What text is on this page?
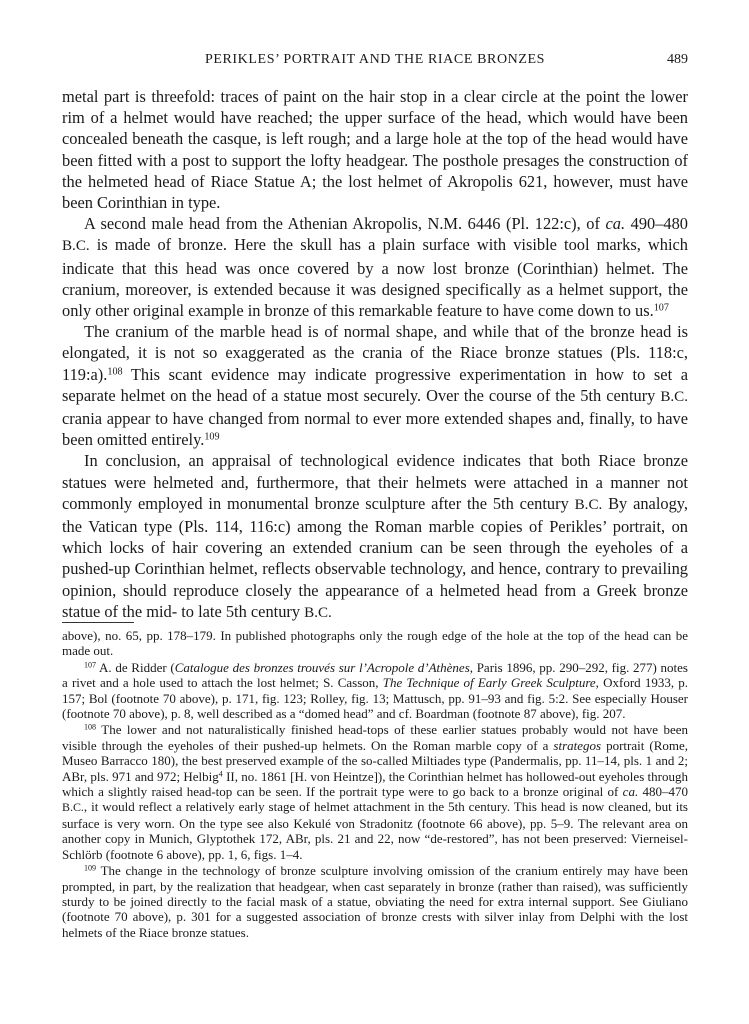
PERIKLES’ PORTRAIT AND THE RIACE BRONZES	489

metal part is threefold: traces of paint on the hair stop in a clear circle at the point the lower rim of a helmet would have reached; the upper surface of the head, which would have been concealed beneath the casque, is left rough; and a large hole at the top of the head would have been fitted with a post to support the lofty headgear. The posthole presages the construction of the helmeted head of Riace Statue A; the lost helmet of Akropolis 621, however, must have been Corinthian in type.

A second male head from the Athenian Akropolis, N.M. 6446 (Pl. 122:c), of ca. 490–480 B.C. is made of bronze. Here the skull has a plain surface with visible tool marks, which indicate that this head was once covered by a now lost bronze (Corinthian) helmet. The cranium, moreover, is extended because it was designed specifically as a helmet support, the only other original example in bronze of this remarkable feature to have come down to us.$^{107}$

The cranium of the marble head is of normal shape, and while that of the bronze head is elongated, it is not so exaggerated as the crania of the Riace bronze statues (Pls. 118:c, 119:a).$^{108}$ This scant evidence may indicate progressive experimentation in how to set a separate helmet on the head of a statue most securely. Over the course of the 5th century B.C. crania appear to have changed from normal to ever more extended shapes and, finally, to have been omitted entirely.$^{109}$

In conclusion, an appraisal of technological evidence indicates that both Riace bronze statues were helmeted and, furthermore, that their helmets were attached in a manner not commonly employed in monumental bronze sculpture after the 5th century B.C. By analogy, the Vatican type (Pls. 114, 116:c) among the Roman marble copies of Perikles’ portrait, on which locks of hair covering an extended cranium can be seen through the eyeholes of a pushed-up Corinthian helmet, reflects observable technology, and hence, contrary to prevailing opinion, should reproduce closely the appearance of a helmeted head from a Greek bronze statue of the mid- to late 5th century B.C.

above), no. 65, pp. 178–179. In published photographs only the rough edge of the hole at the top of the head can be made out.

$^{107}$ A. de Ridder (Catalogue des bronzes trouvés sur l’Acropole d’Athènes, Paris 1896, pp. 290–292, fig. 277) notes a rivet and a hole used to attach the lost helmet; S. Casson, The Technique of Early Greek Sculpture, Oxford 1933, p. 157; Bol (footnote 70 above), p. 171, fig. 123; Rolley, fig. 13; Mattusch, pp. 91–93 and fig. 5:2. See especially Houser (footnote 70 above), p. 8, well described as a “domed head” and cf. Boardman (footnote 87 above), fig. 207.

$^{108}$ The lower and not naturalistically finished head-tops of these earlier statues probably would not have been visible through the eyeholes of their pushed-up helmets. On the Roman marble copy of a strategos portrait (Rome, Museo Barracco 180), the best preserved example of the so-called Miltiades type (Pandermalis, pp. 11–14, pls. 1 and 2; ABr, pls. 971 and 972; Helbig$^4$ II, no. 1861 [H. von Heintze]), the Corinthian helmet has hollowed-out eyeholes through which a slightly raised head-top can be seen. If the portrait type were to go back to a bronze original of ca. 480–470 B.C., it would reflect a relatively early stage of helmet attachment in the 5th century. This head is now cleaned, but its surface is very worn. On the type see also Kekulé von Stradonitz (footnote 66 above), pp. 5–9. The relevant area on another copy in Munich, Glyptothek 172, ABr, pls. 21 and 22, now “de-restored”, has not been preserved: Vierneisel-Schlörb (footnote 6 above), pp. 1, 6, figs. 1–4.

$^{109}$ The change in the technology of bronze sculpture involving omission of the cranium entirely may have been prompted, in part, by the realization that headgear, when cast separately in bronze (rather than raised), was sufficiently sturdy to be joined directly to the facial mask of a statue, obviating the need for extra internal support. See Giuliano (footnote 70 above), p. 301 for a suggested association of bronze crests with silver inlay from Delphi with the lost helmets of the Riace bronze statues.
